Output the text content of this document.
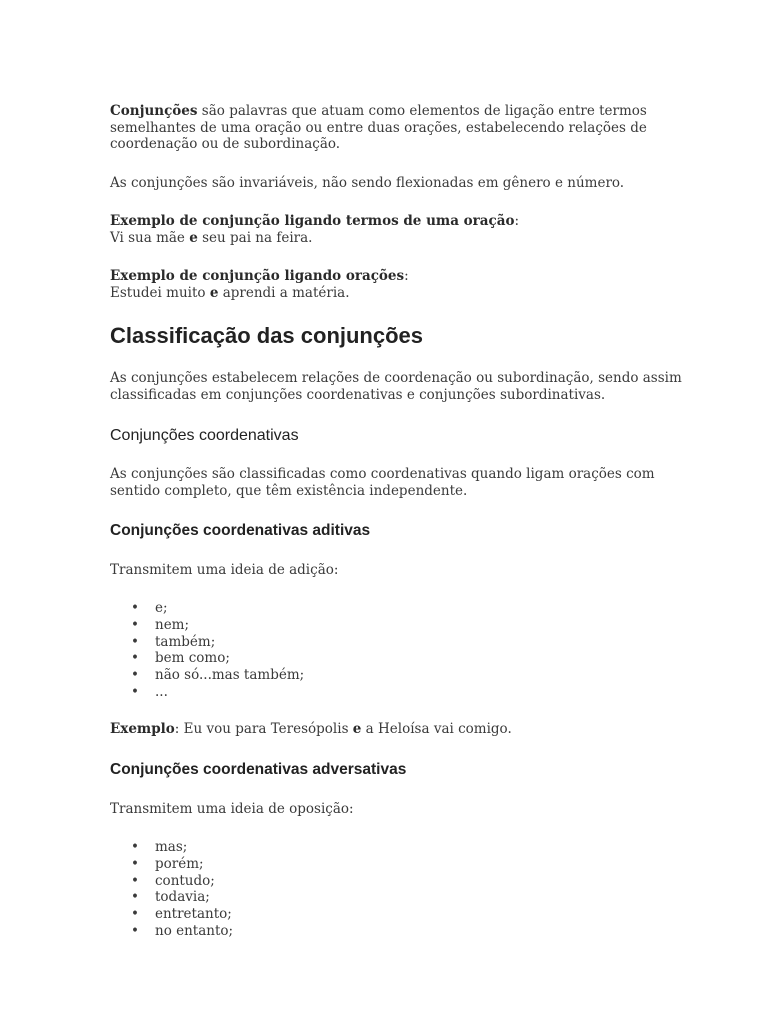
Conjunções são palavras que atuam como elementos de ligação entre termos semelhantes de uma oração ou entre duas orações, estabelecendo relações de coordenação ou de subordinação.

As conjunções são invariáveis, não sendo flexionadas em gênero e número.

Exemplo de conjunção ligando termos de uma oração:
Vi sua mãe e seu pai na feira.

Exemplo de conjunção ligando orações:
Estudei muito e aprendi a matéria.

Classificação das conjunções

As conjunções estabelecem relações de coordenação ou subordinação, sendo assim classificadas em conjunções coordenativas e conjunções subordinativas.

Conjunções coordenativas

As conjunções são classificadas como coordenativas quando ligam orações com sentido completo, que têm existência independente.

Conjunções coordenativas aditivas

Transmitem uma ideia de adição:

• e;
• nem;
• também;
• bem como;
• não só...mas também;
• ...

Exemplo: Eu vou para Teresópolis e a Heloísa vai comigo.

Conjunções coordenativas adversativas

Transmitem uma ideia de oposição:

• mas;
• porém;
• contudo;
• todavia;
• entretanto;
• no entanto;
